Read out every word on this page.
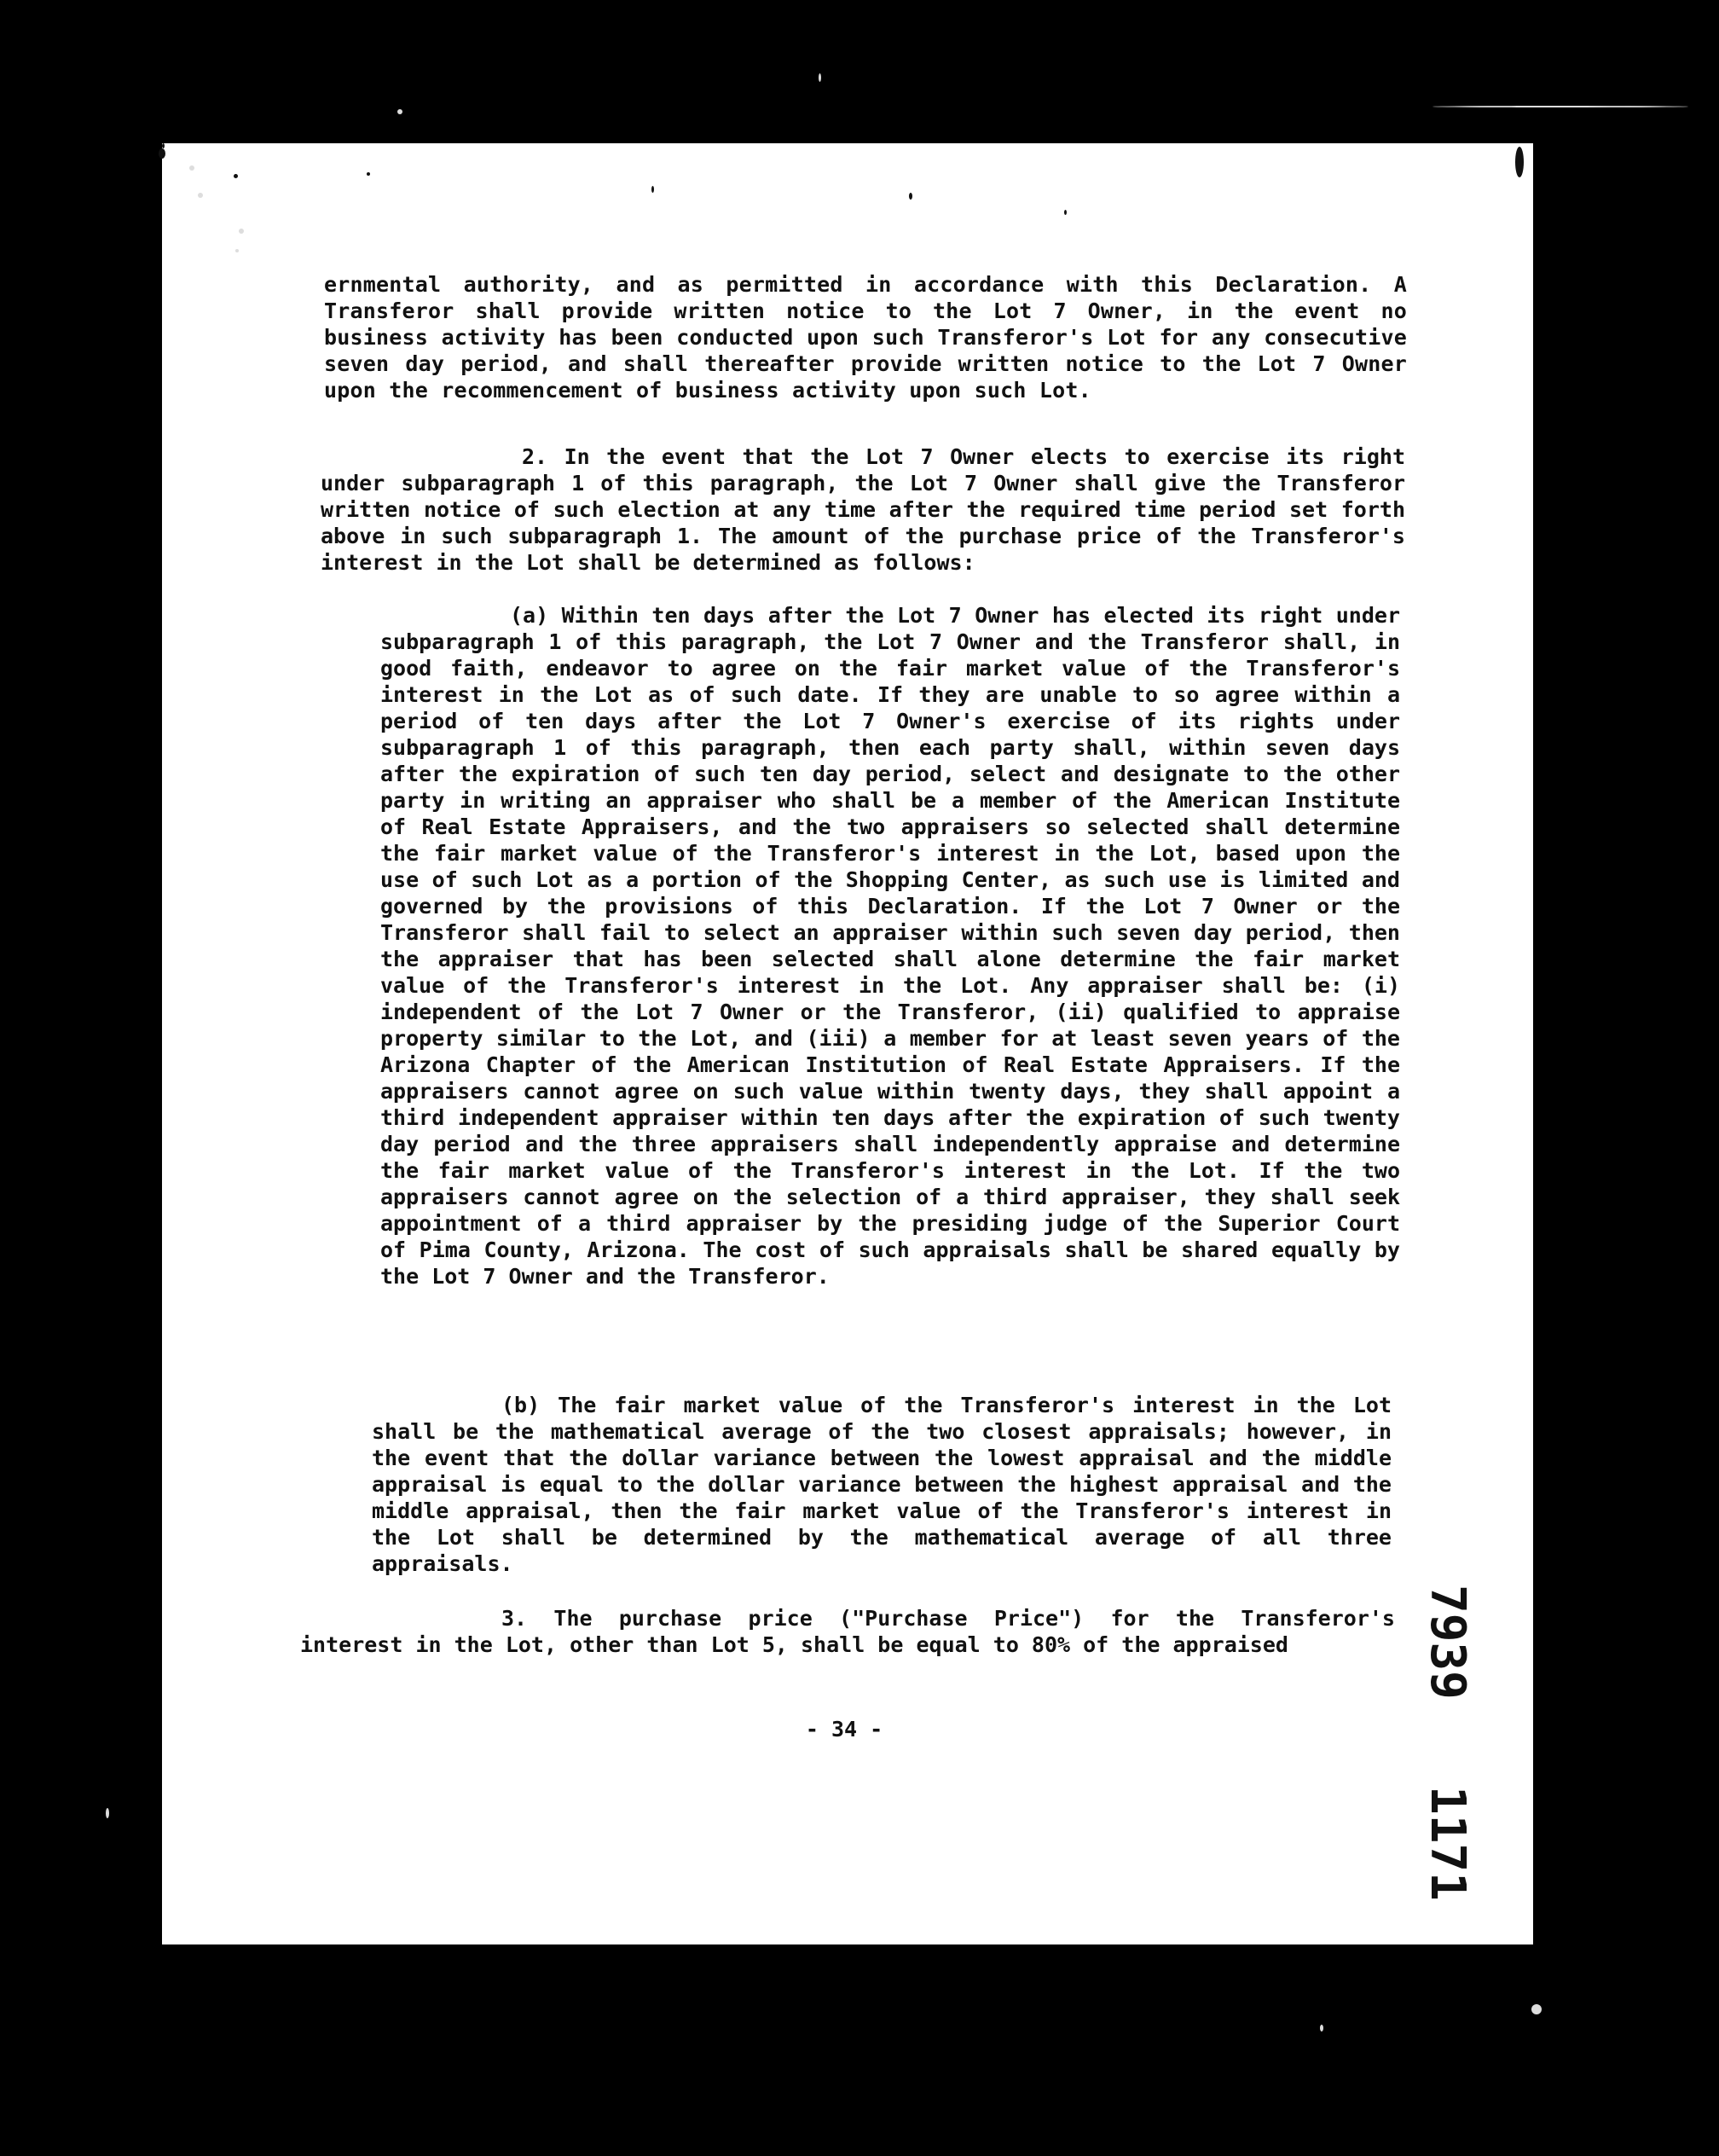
ernmental authority, and as permitted in accordance with this Declaration. A Transferor shall provide written notice to the Lot 7 Owner, in the event no business activity has been conducted upon such Transferor's Lot for any consecutive seven day period, and shall thereafter provide written notice to the Lot 7 Owner upon the recommencement of business activity upon such Lot.
2. In the event that the Lot 7 Owner elects to exercise its right under subparagraph 1 of this paragraph, the Lot 7 Owner shall give the Transferor written notice of such election at any time after the required time period set forth above in such subparagraph 1. The amount of the purchase price of the Transferor's interest in the Lot shall be determined as follows:
(a) Within ten days after the Lot 7 Owner has elected its right under subparagraph 1 of this paragraph, the Lot 7 Owner and the Transferor shall, in good faith, endeavor to agree on the fair market value of the Transferor's interest in the Lot as of such date. If they are unable to so agree within a period of ten days after the Lot 7 Owner's exercise of its rights under subparagraph 1 of this paragraph, then each party shall, within seven days after the expiration of such ten day period, select and designate to the other party in writing an appraiser who shall be a member of the American Institute of Real Estate Appraisers, and the two appraisers so selected shall determine the fair market value of the Transferor's interest in the Lot, based upon the use of such Lot as a portion of the Shopping Center, as such use is limited and governed by the provisions of this Declaration. If the Lot 7 Owner or the Transferor shall fail to select an appraiser within such seven day period, then the appraiser that has been selected shall alone determine the fair market value of the Transferor's interest in the Lot. Any appraiser shall be: (i) independent of the Lot 7 Owner or the Transferor, (ii) qualified to appraise property similar to the Lot, and (iii) a member for at least seven years of the Arizona Chapter of the American Institution of Real Estate Appraisers. If the appraisers cannot agree on such value within twenty days, they shall appoint a third independent appraiser within ten days after the expiration of such twenty day period and the three appraisers shall independently appraise and determine the fair market value of the Transferor's interest in the Lot. If the two appraisers cannot agree on the selection of a third appraiser, they shall seek appointment of a third appraiser by the presiding judge of the Superior Court of Pima County, Arizona. The cost of such appraisals shall be shared equally by the Lot 7 Owner and the Transferor.
(b) The fair market value of the Transferor's interest in the Lot shall be the mathematical average of the two closest appraisals; however, in the event that the dollar variance between the lowest appraisal and the middle appraisal is equal to the dollar variance between the highest appraisal and the middle appraisal, then the fair market value of the Transferor's interest in the Lot shall be determined by the mathematical average of all three appraisals.
3. The purchase price ("Purchase Price") for the Transferor's interest in the Lot, other than Lot 5, shall be equal to 80% of the appraised
- 34 -	7939   1171
